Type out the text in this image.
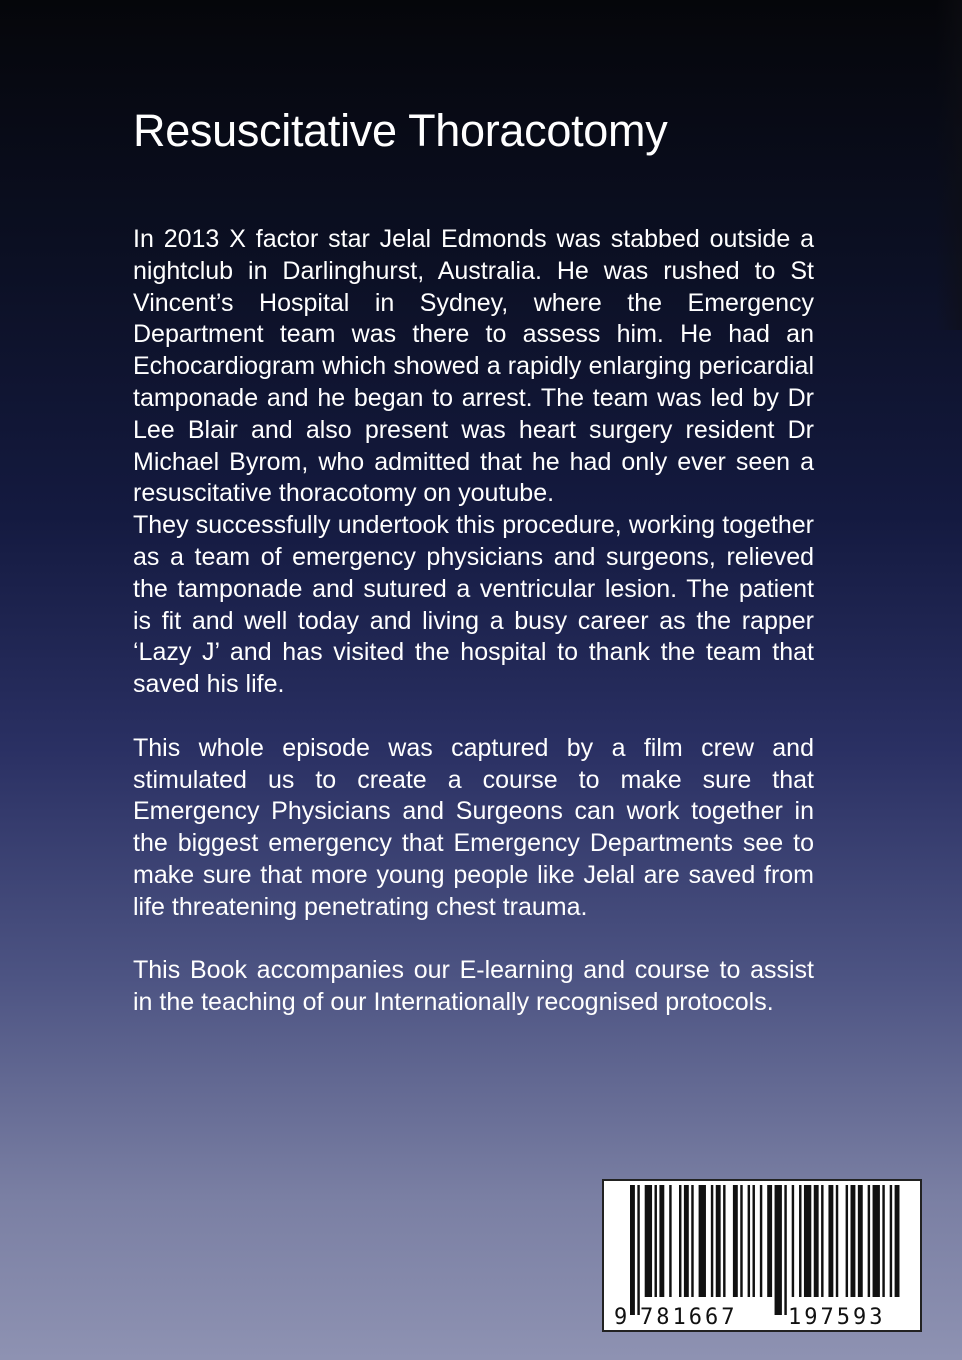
Resuscitative Thoracotomy

In 2013 X factor star Jelal Edmonds was stabbed outside a nightclub in Darlinghurst, Australia. He was rushed to St Vincent’s Hospital in Sydney, where the Emergency Department team was there to assess him. He had an Echocardiogram which showed a rapidly enlarging pericardial tamponade and he began to arrest. The team was led by Dr Lee Blair and also present was heart surgery resident Dr Michael Byrom, who admitted that he had only ever seen a resuscitative thoracotomy on youtube.

They successfully undertook this procedure, working together as a team of emergency physicians and surgeons, relieved the tamponade and sutured a ventricular lesion. The patient is fit and well today and living a busy career as the rapper ‘Lazy J’ and has visited the hospital to thank the team that saved his life.

This whole episode was captured by a film crew and stimulated us to create a course to make sure that Emergency Physicians and Surgeons can work together in the biggest emergency that Emergency Departments see to make sure that more young people like Jelal are saved from life threatening penetrating chest trauma.

This Book accompanies our E-learning and course to assist in the teaching of our Internationally recognised protocols.

9 781667 197593
